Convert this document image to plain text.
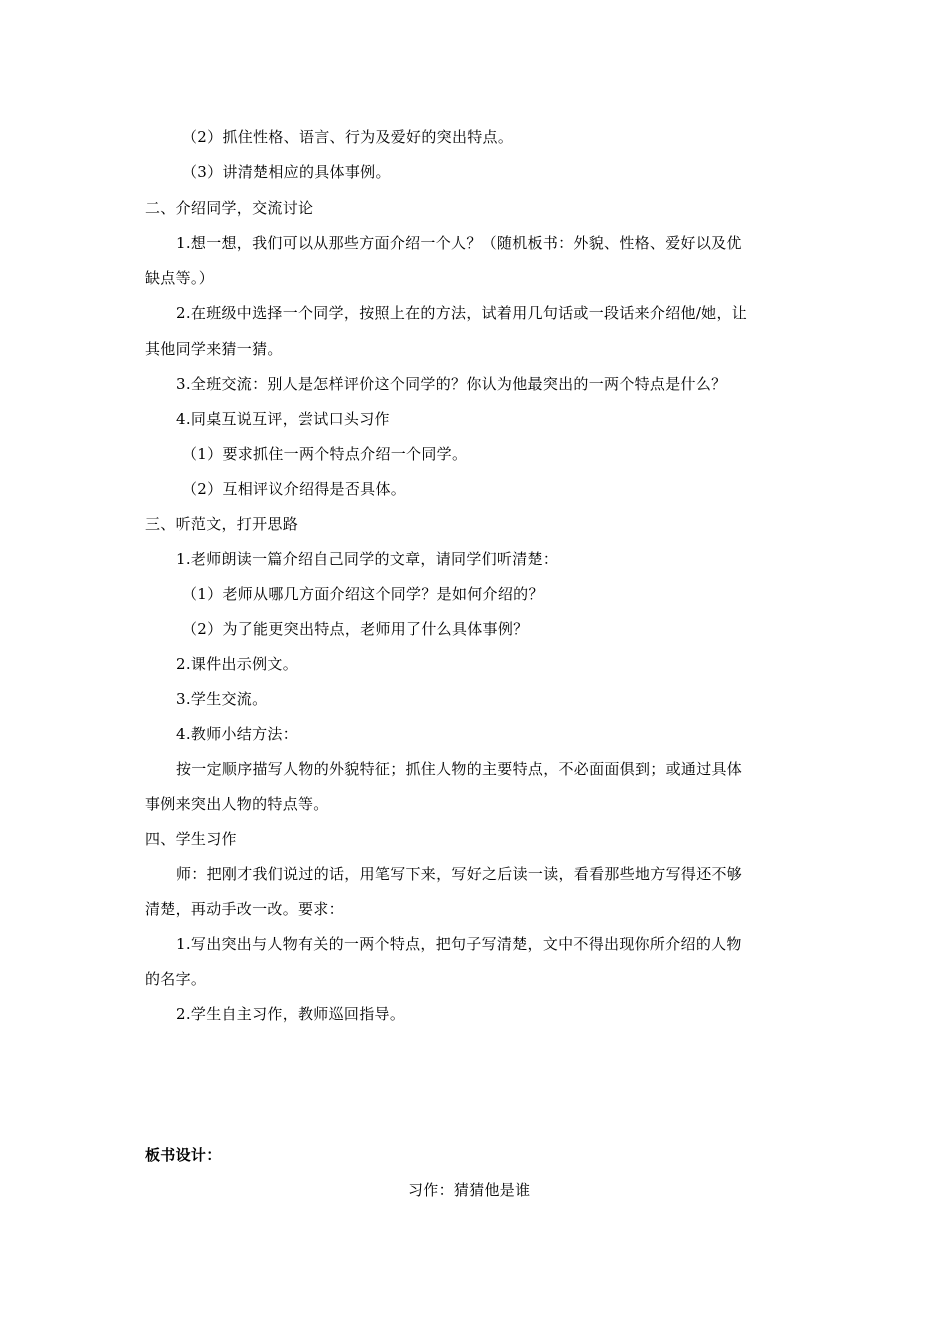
（2）抓住性格、语言、行为及爱好的突出特点。
（3）讲清楚相应的具体事例。
二、介绍同学，交流讨论
1.想一想，我们可以从那些方面介绍一个人？（随机板书：外貌、性格、爱好以及优
缺点等。）
2.在班级中选择一个同学，按照上在的方法，试着用几句话或一段话来介绍他/她，让
其他同学来猜一猜。
3.全班交流：别人是怎样评价这个同学的？你认为他最突出的一两个特点是什么？
4.同桌互说互评，尝试口头习作
（1）要求抓住一两个特点介绍一个同学。
（2）互相评议介绍得是否具体。
三、听范文，打开思路
1.老师朗读一篇介绍自己同学的文章，请同学们听清楚：
（1）老师从哪几方面介绍这个同学？是如何介绍的？
（2）为了能更突出特点，老师用了什么具体事例？
2.课件出示例文。
3.学生交流。
4.教师小结方法：
按一定顺序描写人物的外貌特征；抓住人物的主要特点，不必面面俱到；或通过具体
事例来突出人物的特点等。
四、学生习作
师：把刚才我们说过的话，用笔写下来，写好之后读一读，看看那些地方写得还不够
清楚，再动手改一改。要求：
1.写出突出与人物有关的一两个特点，把句子写清楚，文中不得出现你所介绍的人物
的名字。
2.学生自主习作，教师巡回指导。
板书设计：
习作：猜猜他是谁
